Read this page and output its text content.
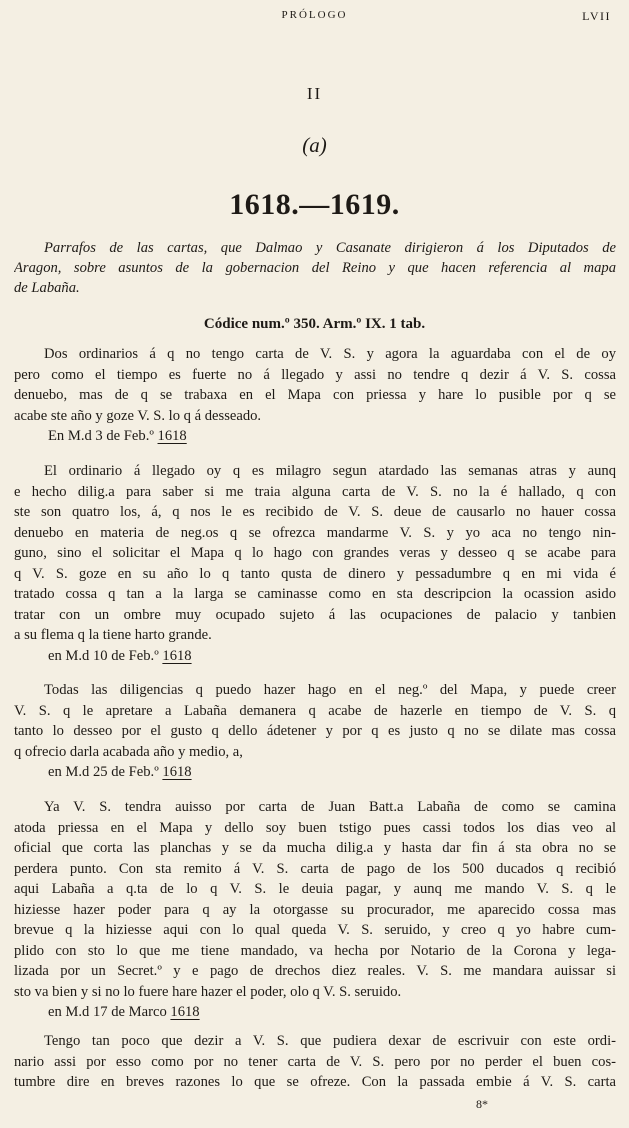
PRÓLOGO	LVII
II
(a)
1618.—1619.

Parrafos de las cartas, que Dalmao y Casanate dirigieron á los Diputados de
Aragon, sobre asuntos de la gobernacion del Reino y que hacen referencia al mapa
de Labaña.

Códice num.º 350. Arm.º IX. 1 tab.
Dos ordinarios á q no tengo carta de V. S. y agora la aguardaba con el de oy
pero como el tiempo es fuerte no á llegado y assi no tendre q dezir á V. S. cossa
denuebo, mas de q se trabaxa en el Mapa con priessa y hare lo pusible por q se
acabe ste año y goze V. S. lo q á desseado.
En M.d 3 de Feb.º 1618
El ordinario á llegado oy q es milagro segun atardado las semanas atras y aunq
e hecho dilig.a para saber si me traia alguna carta de V. S. no la é hallado, q con
ste son quatro los, á, q nos le es recibido de V. S. deue de causarlo no hauer cossa
denuebo en materia de neg.os q se ofrezca mandarme V. S. y yo aca no tengo nin-
guno, sino el solicitar el Mapa q lo hago con grandes veras y desseo q se acabe para
q V. S. goze en su año lo q tanto qusta de dinero y pessadumbre q en mi vida é
tratado cossa q tan a la larga se caminasse como en sta descripcion la ocassion asido
tratar con un ombre muy ocupado sujeto á las ocupaciones de palacio y tanbien
a su flema q la tiene harto grande.
en M.d 10 de Feb.º 1618
Todas las diligencias q puedo hazer hago en el neg.º del Mapa, y puede creer
V. S. q le apretare a Labaña demanera q acabe de hazerle en tiempo de V. S. q
tanto lo desseo por el gusto q dello ádetener y por q es justo q no se dilate mas cossa
q ofrecio darla acabada año y medio, a,
en M.d 25 de Feb.º 1618
Ya V. S. tendra auisso por carta de Juan Batt.a Labaña de como se camina
atoda priessa en el Mapa y dello soy buen tstigo pues cassi todos los dias veo al
oficial que corta las planchas y se da mucha dilig.a y hasta dar fin á sta obra no se
perdera punto. Con sta remito á V. S. carta de pago de los 500 ducados q recibió
aqui Labaña a q.ta de lo q V. S. le deuia pagar, y aunq me mando V. S. q le
hiziesse hazer poder para q ay la otorgasse su procurador, me aparecido cossa mas
brevue q la hiziesse aqui con lo qual queda V. S. seruido, y creo q yo habre cum-
plido con sto lo que me tiene mandado, va hecha por Notario de la Corona y lega-
lizada por un Secret.º y e pago de drechos diez reales. V. S. me mandara auissar si
sto va bien y si no lo fuere hare hazer el poder, olo q V. S. seruido.
en M.d 17 de Marco 1618
Tengo tan poco que dezir a V. S. que pudiera dexar de escrivuir con este ordi-
nario assi por esso como por no tener carta de V. S. pero por no perder el buen cos-
tumbre dire en breves razones lo que se ofreze. Con la passada embie á V. S. carta
8*
